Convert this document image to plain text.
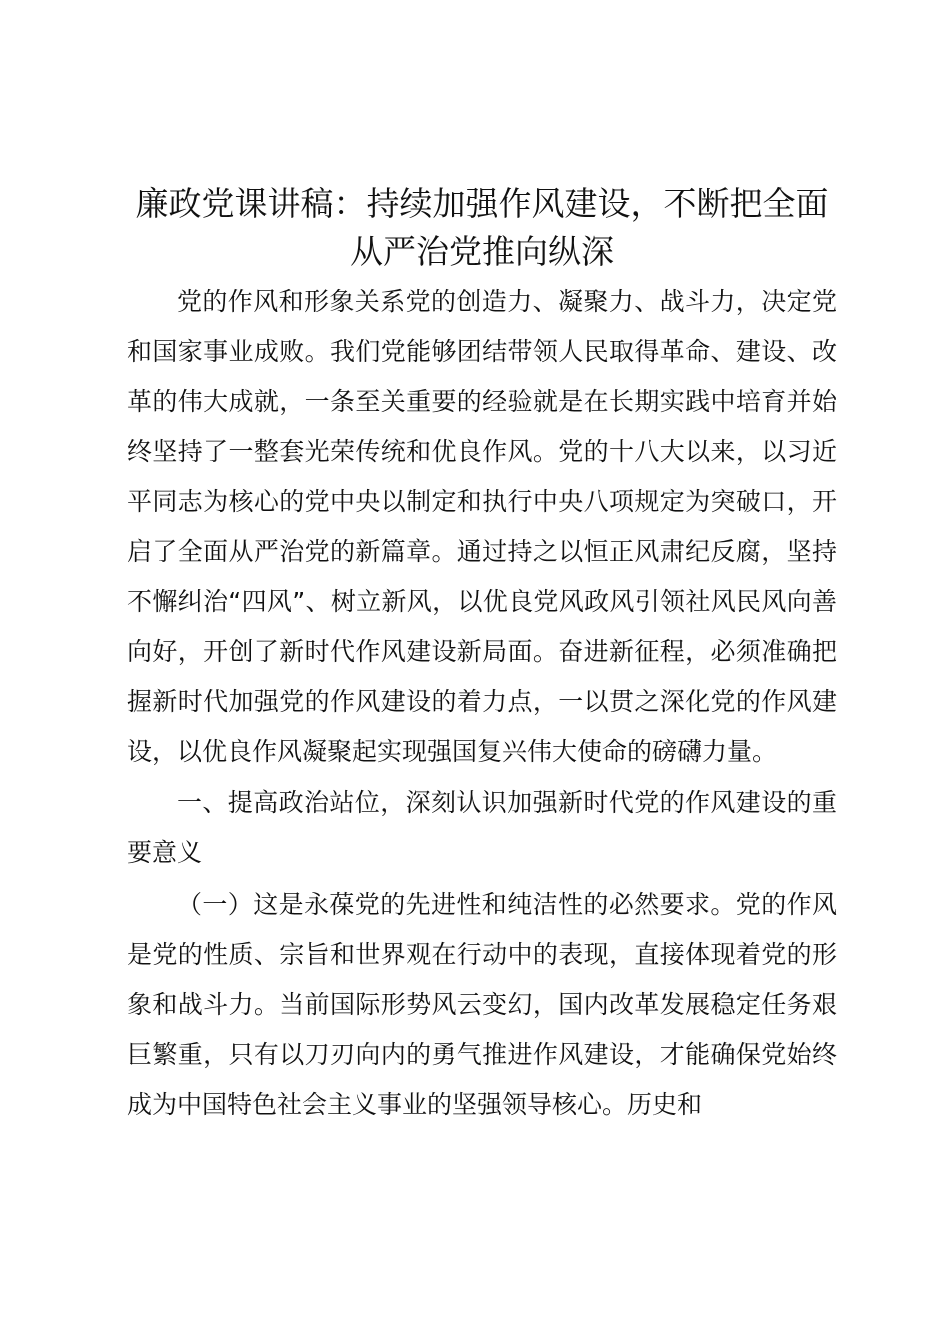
廉政党课讲稿：持续加强作风建设，不断把全面从严治党推向纵深

党的作风和形象关系党的创造力、凝聚力、战斗力，决定党和国家事业成败。我们党能够团结带领人民取得革命、建设、改革的伟大成就，一条至关重要的经验就是在长期实践中培育并始终坚持了一整套光荣传统和优良作风。党的十八大以来，以习近平同志为核心的党中央以制定和执行中央八项规定为突破口，开启了全面从严治党的新篇章。通过持之以恒正风肃纪反腐，坚持不懈纠治“四风”、树立新风，以优良党风政风引领社风民风向善向好，开创了新时代作风建设新局面。奋进新征程，必须准确把握新时代加强党的作风建设的着力点，一以贯之深化党的作风建设，以优良作风凝聚起实现强国复兴伟大使命的磅礴力量。

一、提高政治站位，深刻认识加强新时代党的作风建设的重要意义

（一）这是永葆党的先进性和纯洁性的必然要求。党的作风是党的性质、宗旨和世界观在行动中的表现，直接体现着党的形象和战斗力。当前国际形势风云变幻，国内改革发展稳定任务艰巨繁重，只有以刀刃向内的勇气推进作风建设，才能确保党始终成为中国特色社会主义事业的坚强领导核心。历史和
